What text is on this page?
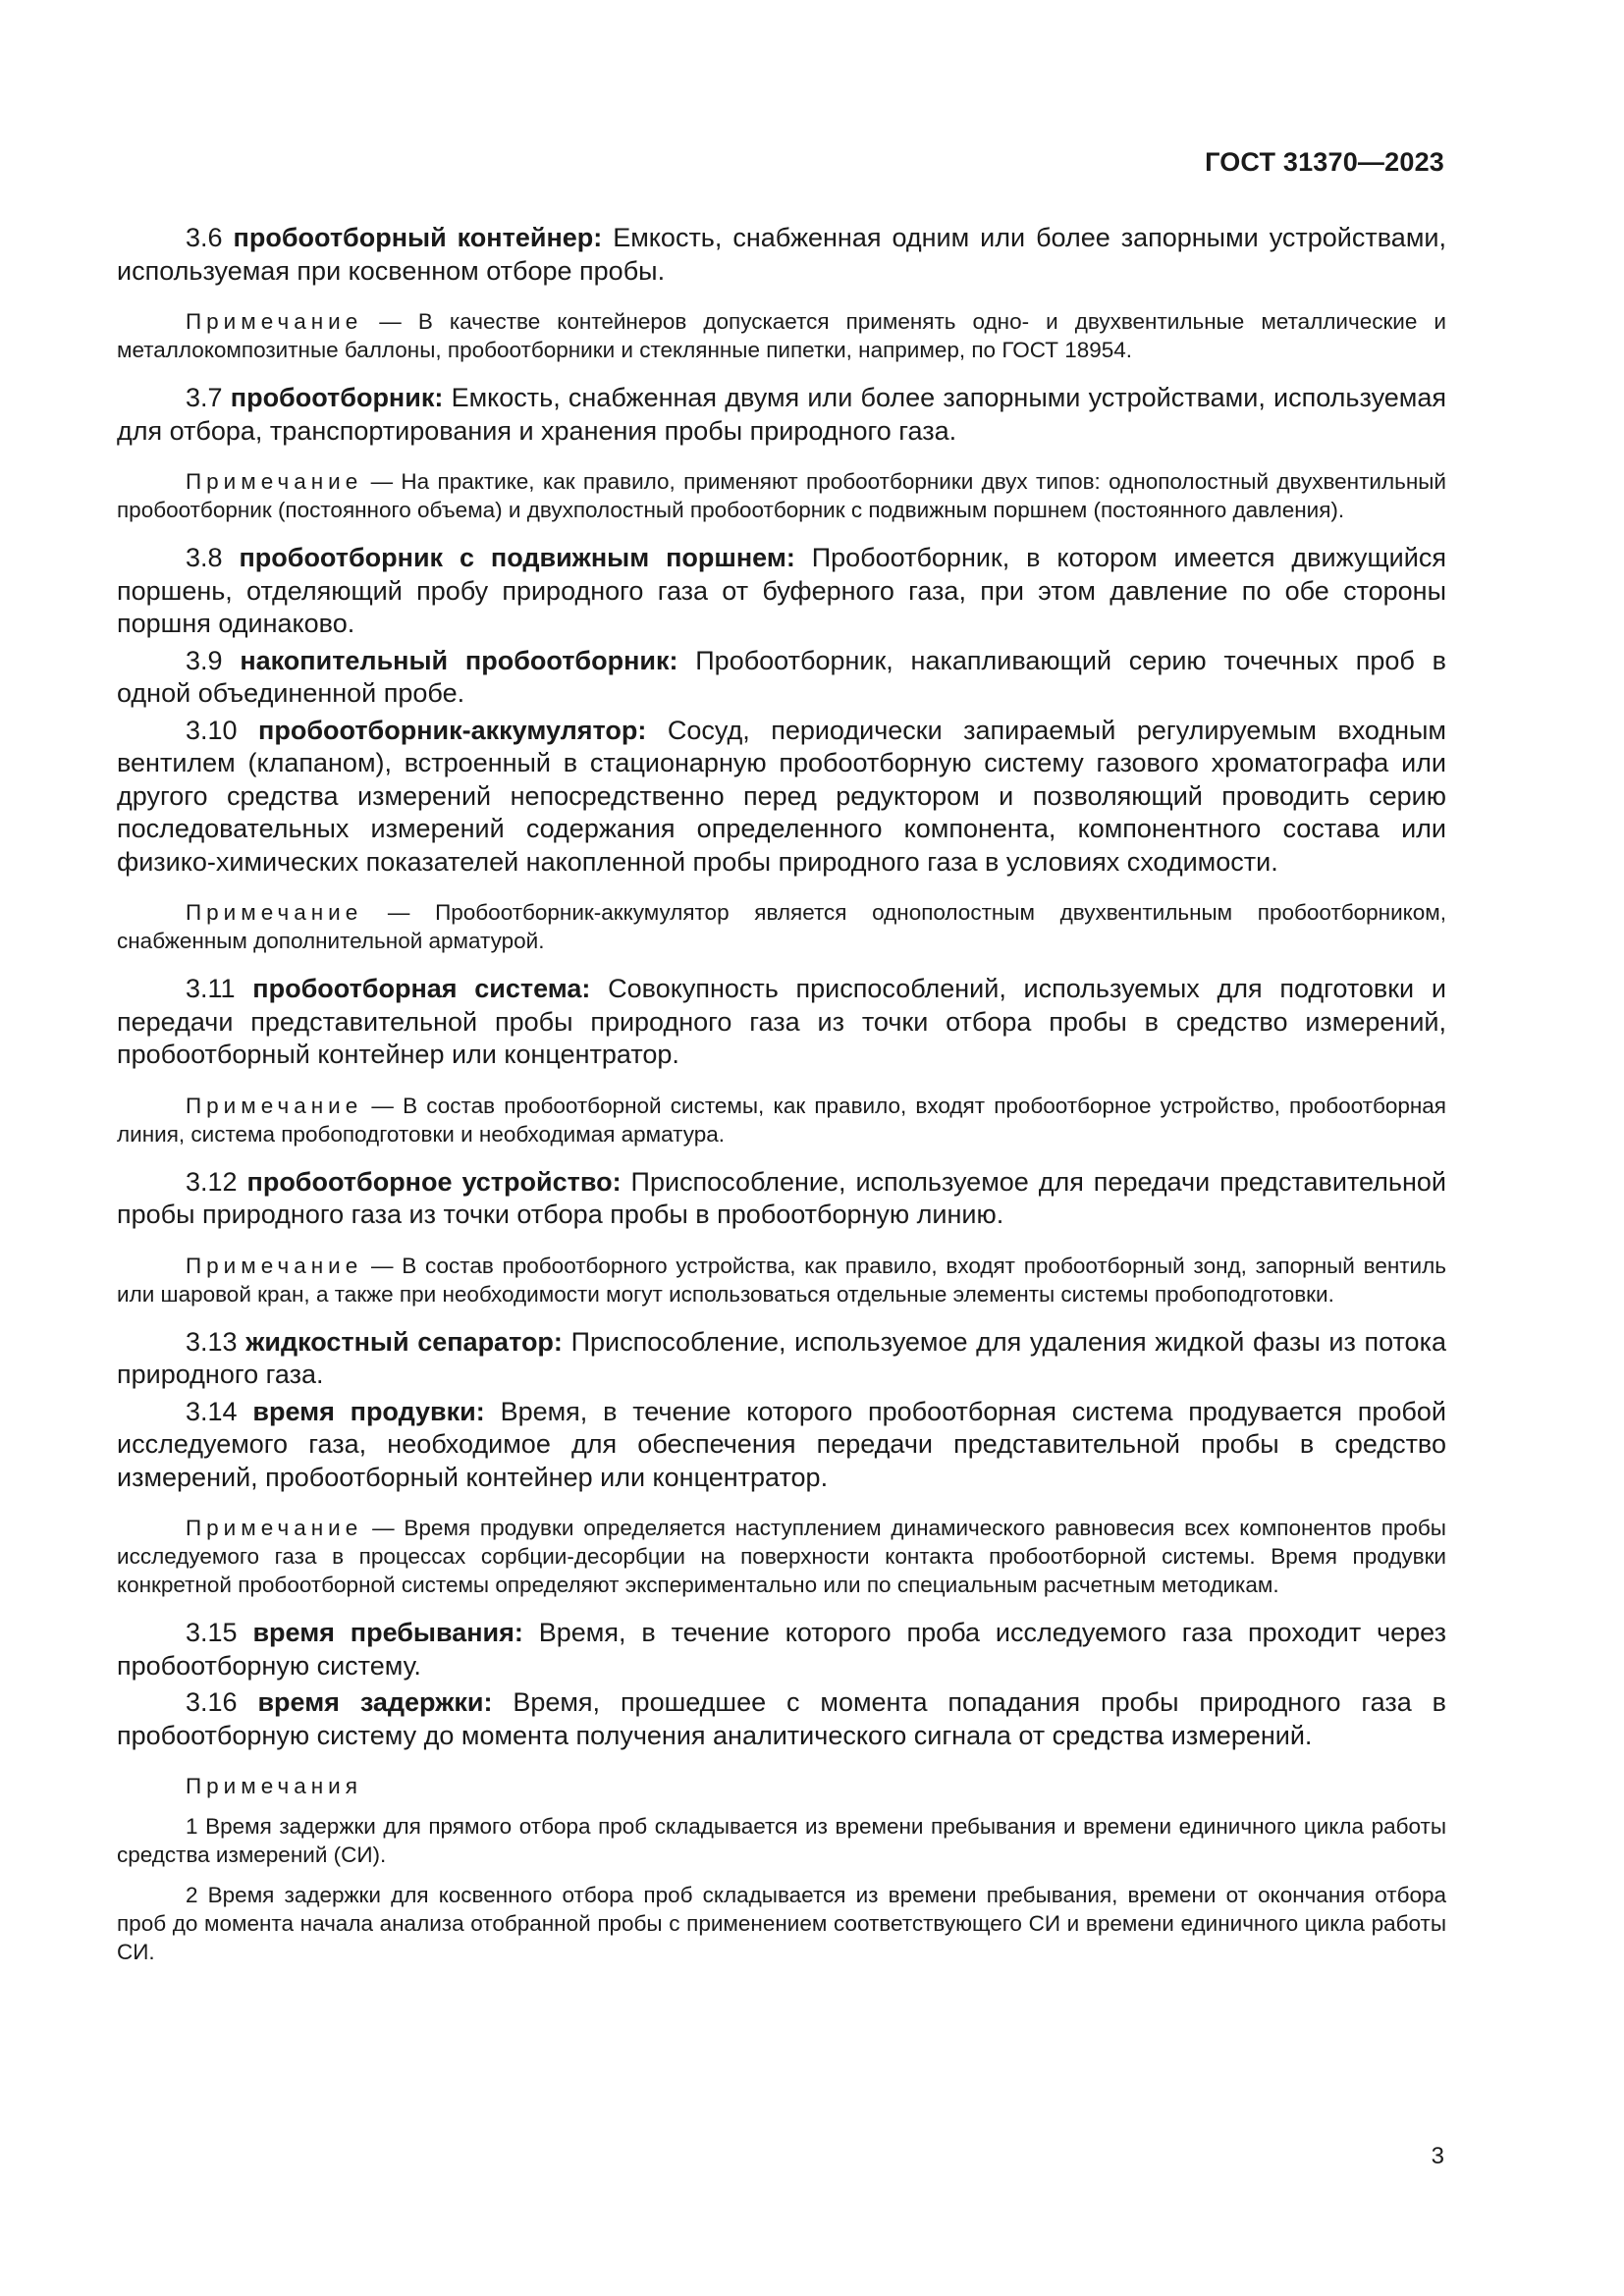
ГОСТ 31370—2023

3.6 пробоотборный контейнер: Емкость, снабженная одним или более запорными устройствами, используемая при косвенном отборе пробы.

Примечание — В качестве контейнеров допускается применять одно- и двухвентильные металлические и металлокомпозитные баллоны, пробоотборники и стеклянные пипетки, например, по ГОСТ 18954.

3.7 пробоотборник: Емкость, снабженная двумя или более запорными устройствами, используемая для отбора, транспортирования и хранения пробы природного газа.

Примечание — На практике, как правило, применяют пробоотборники двух типов: однополостный двухвентильный пробоотборник (постоянного объема) и двухполостный пробоотборник с подвижным поршнем (постоянного давления).

3.8 пробоотборник с подвижным поршнем: Пробоотборник, в котором имеется движущийся поршень, отделяющий пробу природного газа от буферного газа, при этом давление по обе стороны поршня одинаково.

3.9 накопительный пробоотборник: Пробоотборник, накапливающий серию точечных проб в одной объединенной пробе.

3.10 пробоотборник-аккумулятор: Сосуд, периодически запираемый регулируемым входным вентилем (клапаном), встроенный в стационарную пробоотборную систему газового хроматографа или другого средства измерений непосредственно перед редуктором и позволяющий проводить серию последовательных измерений содержания определенного компонента, компонентного состава или физико-химических показателей накопленной пробы природного газа в условиях сходимости.

Примечание — Пробоотборник-аккумулятор является однополостным двухвентильным пробоотборником, снабженным дополнительной арматурой.

3.11 пробоотборная система: Совокупность приспособлений, используемых для подготовки и передачи представительной пробы природного газа из точки отбора пробы в средство измерений, пробоотборный контейнер или концентратор.

Примечание — В состав пробоотборной системы, как правило, входят пробоотборное устройство, пробоотборная линия, система пробоподготовки и необходимая арматура.

3.12 пробоотборное устройство: Приспособление, используемое для передачи представительной пробы природного газа из точки отбора пробы в пробоотборную линию.

Примечание — В состав пробоотборного устройства, как правило, входят пробоотборный зонд, запорный вентиль или шаровой кран, а также при необходимости могут использоваться отдельные элементы системы пробоподготовки.

3.13 жидкостный сепаратор: Приспособление, используемое для удаления жидкой фазы из потока природного газа.

3.14 время продувки: Время, в течение которого пробоотборная система продувается пробой исследуемого газа, необходимое для обеспечения передачи представительной пробы в средство измерений, пробоотборный контейнер или концентратор.

Примечание — Время продувки определяется наступлением динамического равновесия всех компонентов пробы исследуемого газа в процессах сорбции-десорбции на поверхности контакта пробоотборной системы. Время продувки конкретной пробоотборной системы определяют экспериментально или по специальным расчетным методикам.

3.15 время пребывания: Время, в течение которого проба исследуемого газа проходит через пробоотборную систему.

3.16 время задержки: Время, прошедшее с момента попадания пробы природного газа в пробоотборную систему до момента получения аналитического сигнала от средства измерений.

Примечания

1 Время задержки для прямого отбора проб складывается из времени пребывания и времени единичного цикла работы средства измерений (СИ).

2 Время задержки для косвенного отбора проб складывается из времени пребывания, времени от окончания отбора проб до момента начала анализа отобранной пробы с применением соответствующего СИ и времени единичного цикла работы СИ.

3
